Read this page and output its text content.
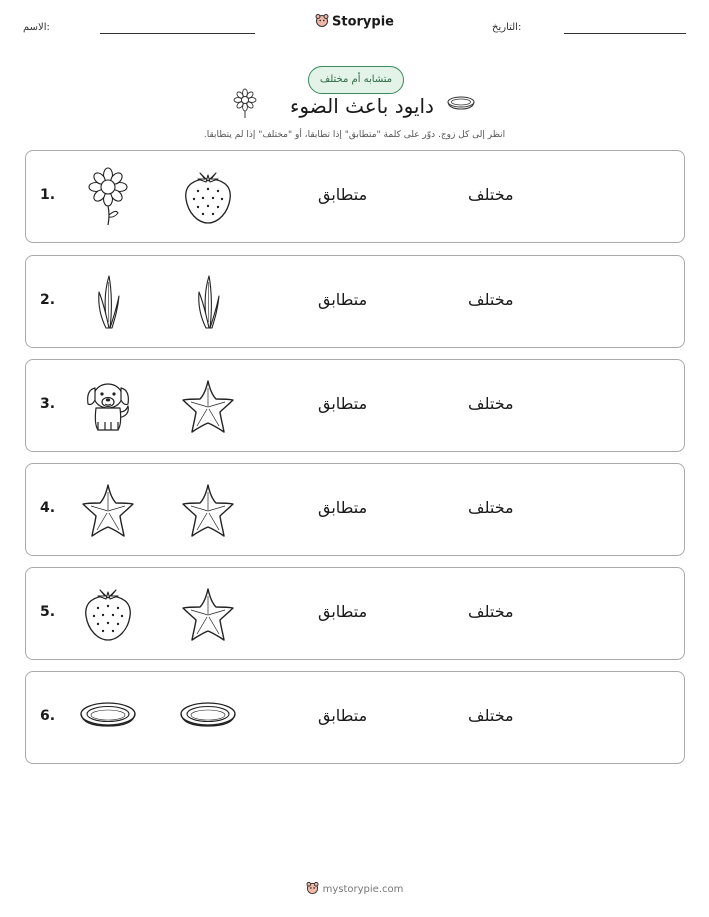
الاسم:	Storypie	التاريخ:
متشابه أم مختلف
دايود باعث الضوء
انظر إلى كل زوج. دوّر على كلمة "متطابق" إذا تطابقا، أو "مختلف" إذا لم يتطابقا.
1.	متطابق	مختلف
2.	متطابق	مختلف
3.	متطابق	مختلف
4.	متطابق	مختلف
5.	متطابق	مختلف
6.	متطابق	مختلف
mystorypie.com
